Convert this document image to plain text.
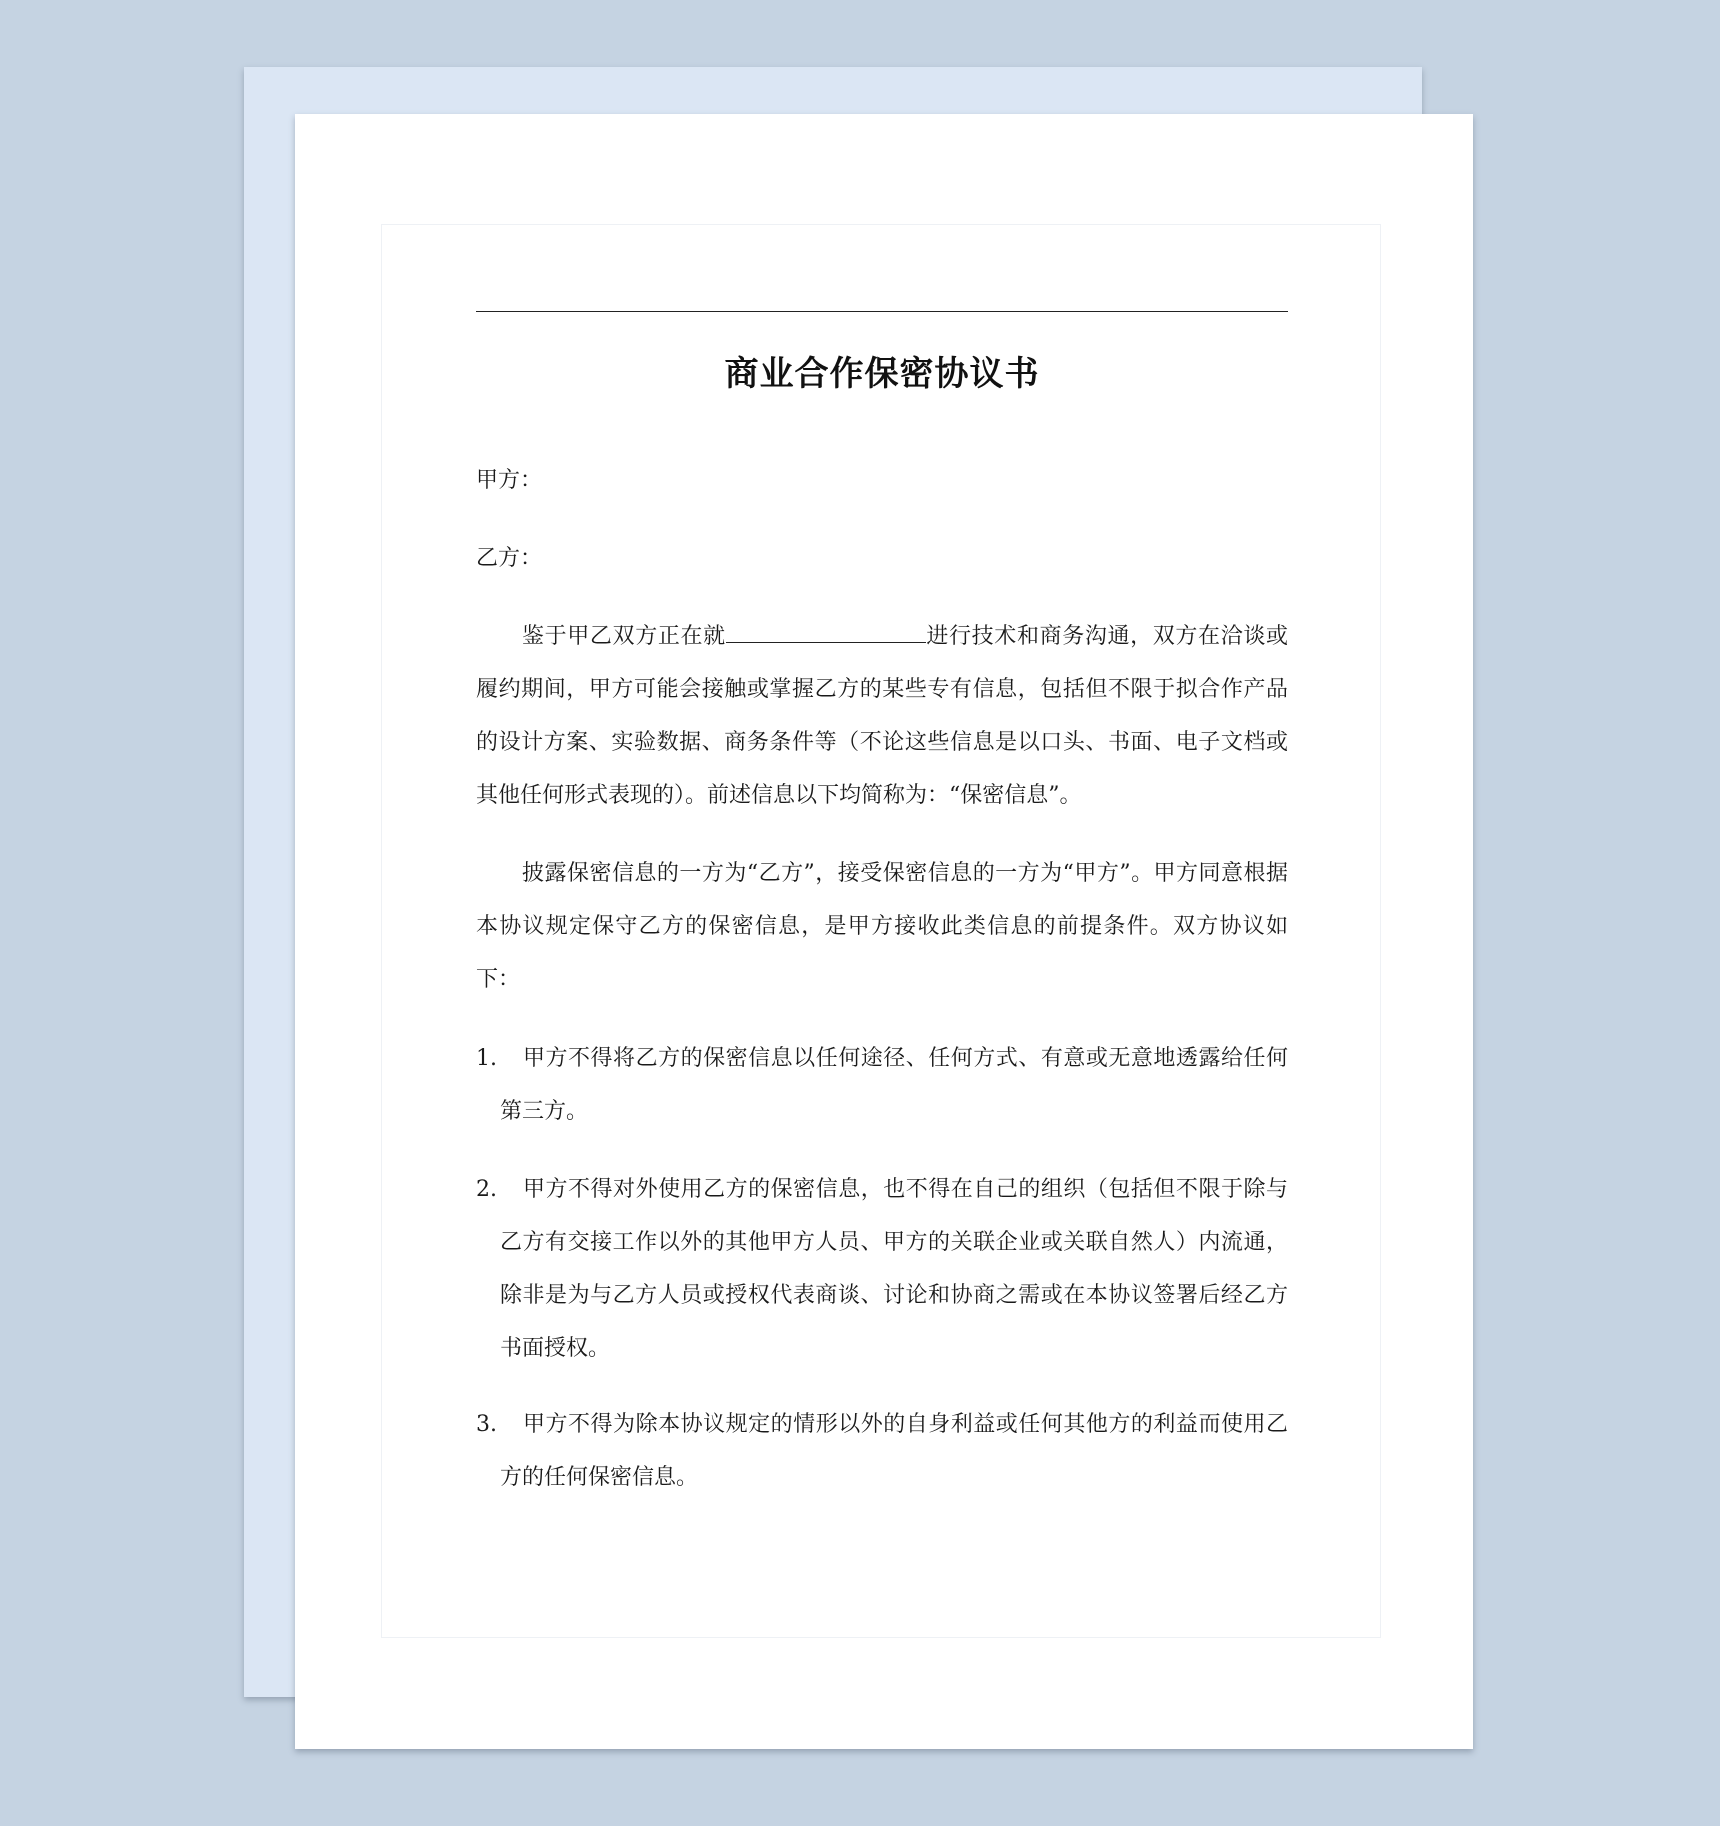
商业合作保密协议书
甲方：
乙方：

鉴于甲乙双方正在就	进行技术和商务沟通，双方在洽谈或履约期间，甲方可能会接触或掌握乙方的某些专有信息，包括但不限于拟合作产品的设计方案、实验数据、商务条件等（不论这些信息是以口头、书面、电子文档或其他任何形式表现的）。前述信息以下均简称为：“保密信息”。

披露保密信息的一方为“乙方”，接受保密信息的一方为“甲方”。甲方同意根据本协议规定保守乙方的保密信息，是甲方接收此类信息的前提条件。双方协议如下：

1.	甲方不得将乙方的保密信息以任何途径、任何方式、有意或无意地透露给任何第三方。

2.	甲方不得对外使用乙方的保密信息，也不得在自己的组织（包括但不限于除与乙方有交接工作以外的其他甲方人员、甲方的关联企业或关联自然人）内流通，除非是为与乙方人员或授权代表商谈、讨论和协商之需或在本协议签署后经乙方书面授权。

3.	甲方不得为除本协议规定的情形以外的自身利益或任何其他方的利益而使用乙方的任何保密信息。
